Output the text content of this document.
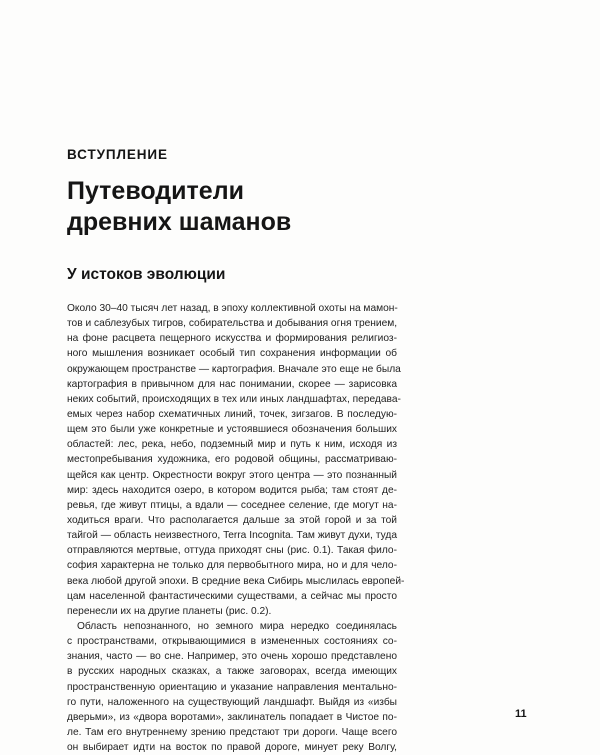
ВСТУПЛЕНИЕ
Путеводители
древних шаманов
У истоков эволюции
Около 30–40 тысяч лет назад, в эпоху коллективной охоты на мамон-
тов и саблезубых тигров, собирательства и добывания огня трением,
на фоне расцвета пещерного искусства и формирования религиоз-
ного мышления возникает особый тип сохранения информации об
окружающем пространстве — картография. Вначале это еще не была
картография в привычном для нас понимании, скорее — зарисовка
неких событий, происходящих в тех или иных ландшафтах, передава-
емых через набор схематичных линий, точек, зигзагов. В последую-
щем это были уже конкретные и устоявшиеся обозначения больших
областей: лес, река, небо, подземный мир и путь к ним, исходя из
местопребывания художника, его родовой общины, рассматриваю-
щейся как центр. Окрестности вокруг этого центра — это познанный
мир: здесь находится озеро, в котором водится рыба; там стоят де-
ревья, где живут птицы, а вдали — соседнее селение, где могут на-
ходиться враги. Что располагается дальше за этой горой и за той
тайгой — область неизвестного, Terra Incognita. Там живут духи, туда
отправляются мертвые, оттуда приходят сны (рис. 0.1). Такая фило-
софия характерна не только для первобытного мира, но и для чело-
века любой другой эпохи. В средние века Сибирь мыслилась европей-
цам населенной фантастическими существами, а сейчас мы просто
перенесли их на другие планеты (рис. 0.2).
Область непознанного, но земного мира нередко соединялась
с пространствами, открывающимися в измененных состояниях со-
знания, часто — во сне. Например, это очень хорошо представлено
в русских народных сказках, а также заговорах, всегда имеющих
пространственную ориентацию и указание направления ментально-
го пути, наложенного на существующий ландшафт. Выйдя из «избы
дверьми», из «двора воротами», заклинатель попадает в Чистое по-
ле. Там его внутреннему зрению предстают три дороги. Чаще всего
он выбирает идти на восток по правой дороге, минует реку Волгу,
11
